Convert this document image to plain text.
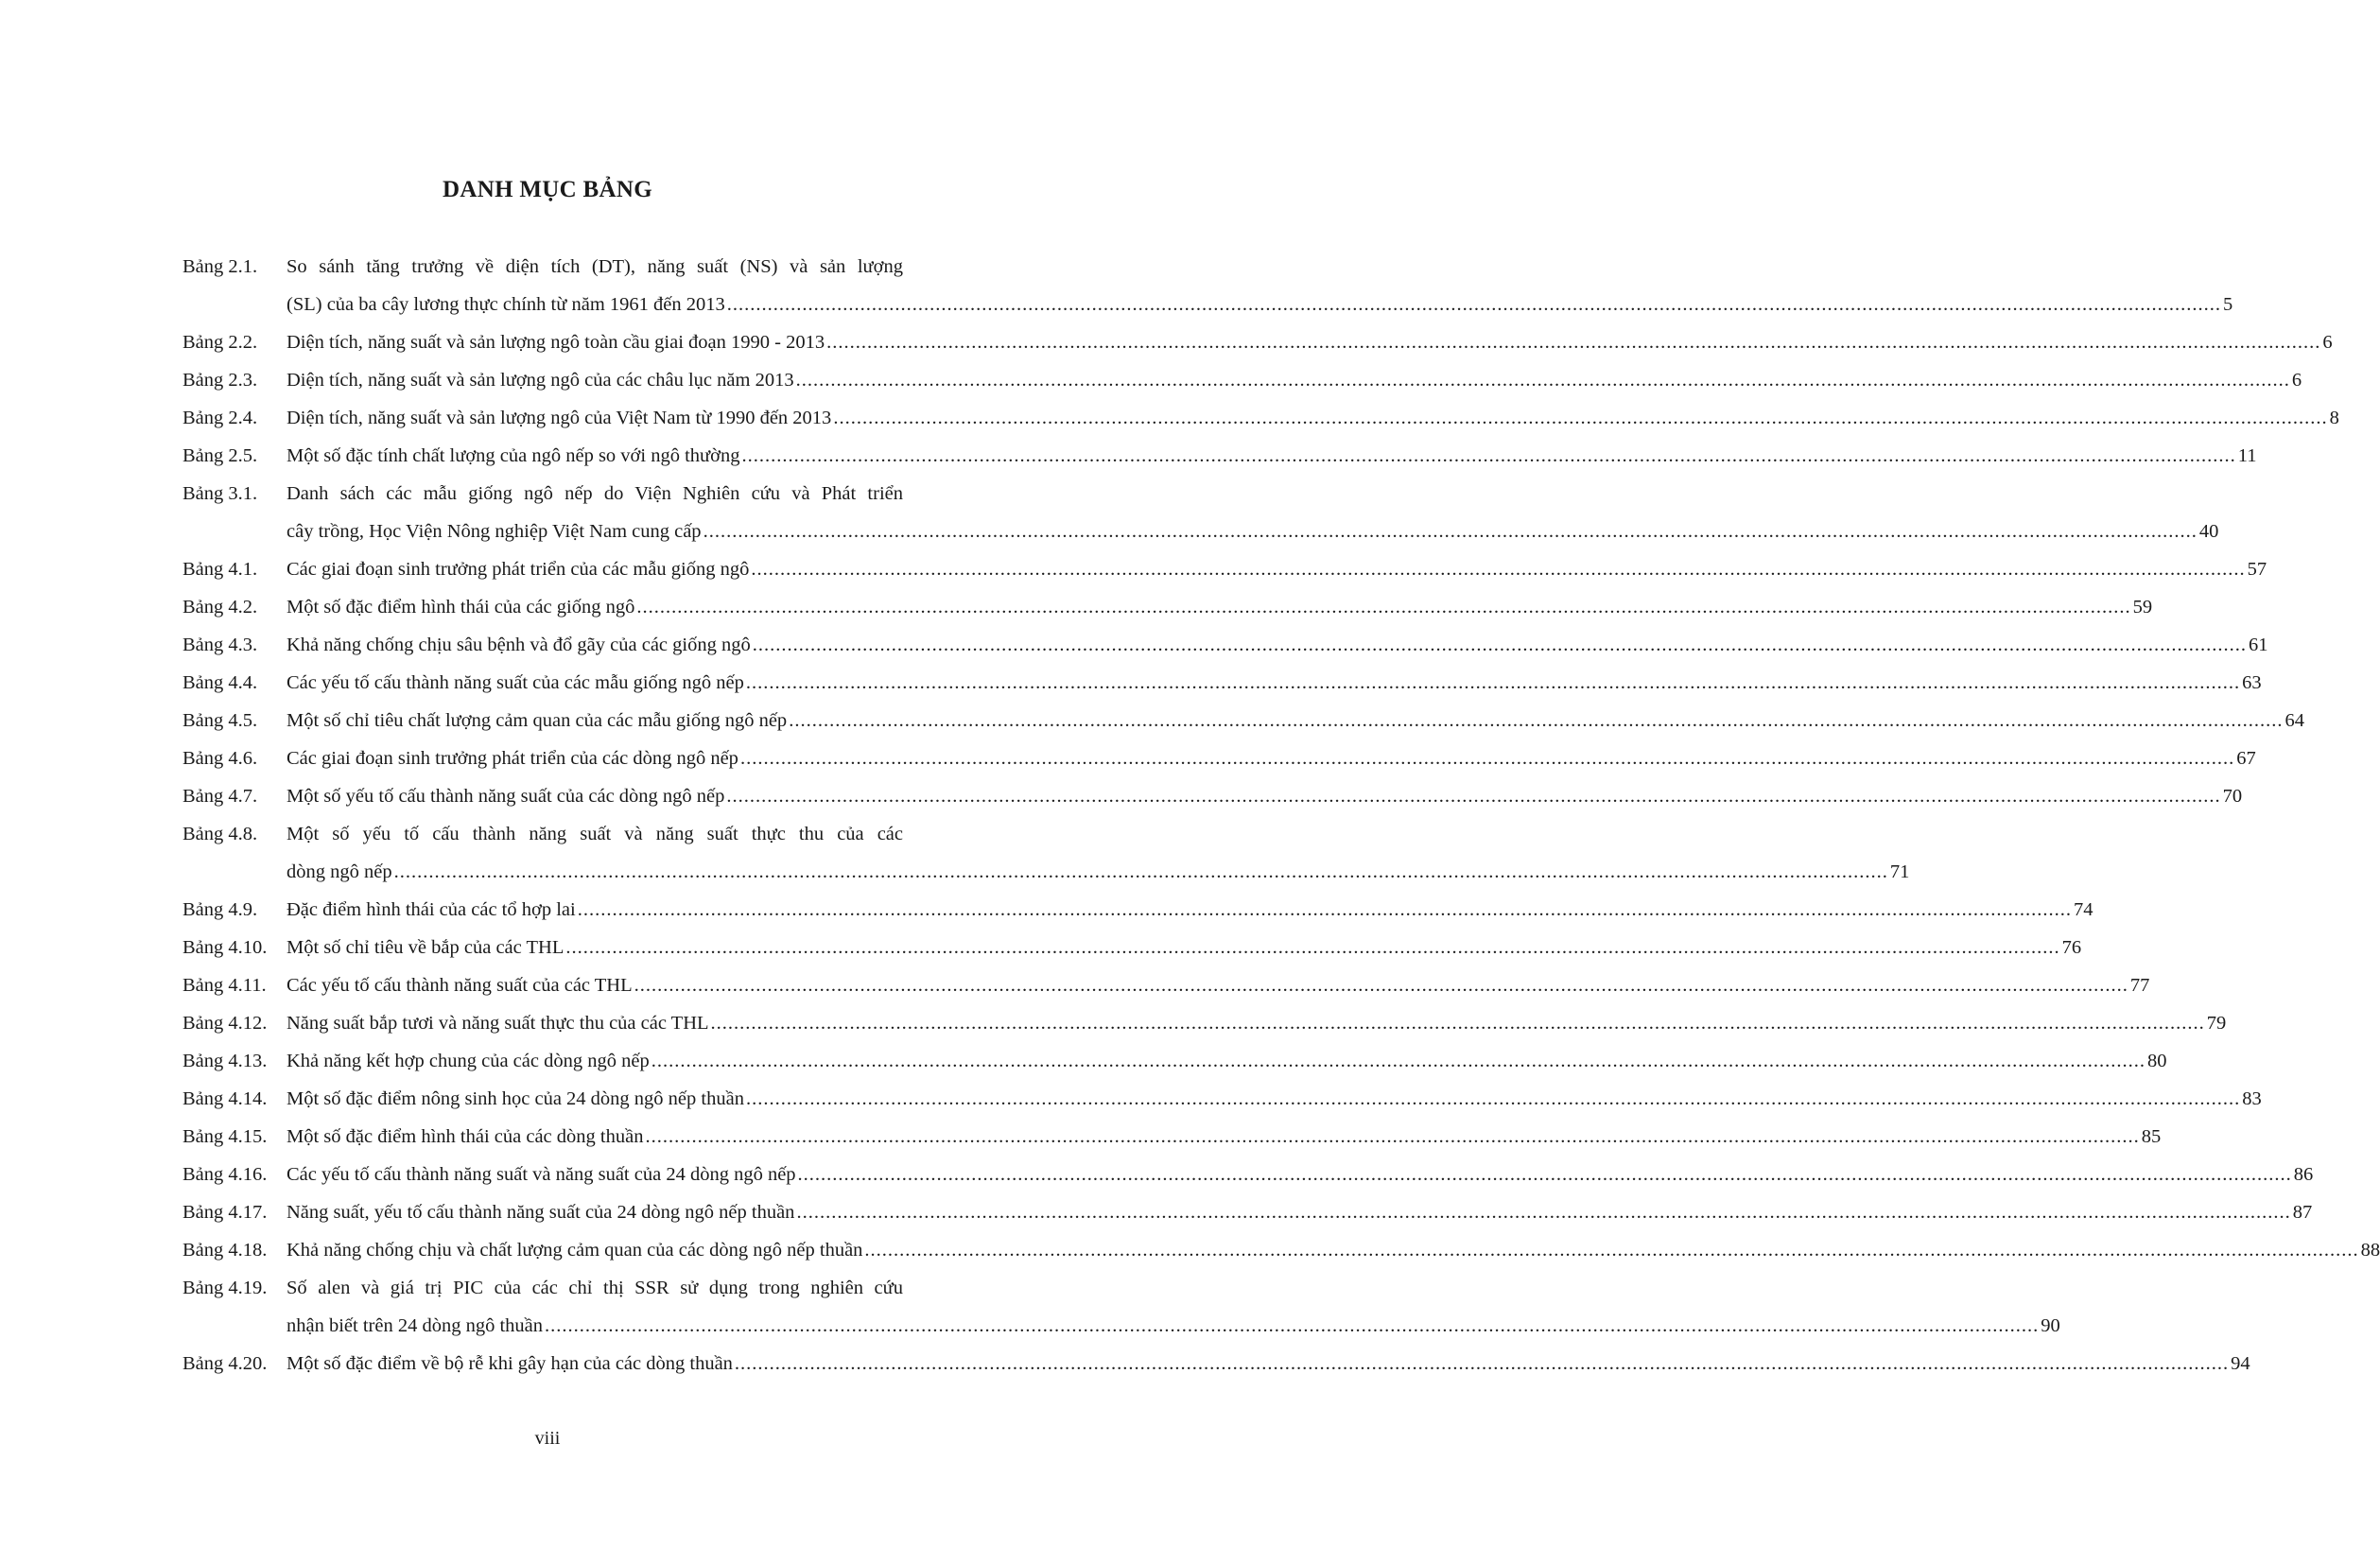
DANH MỤC BẢNG
Bảng 2.1.	So sánh tăng trưởng về diện tích (DT), năng suất (NS) và sản lượng
(SL) của ba cây lương thực chính từ năm 1961 đến 2013 .....	5
Bảng 2.2.	Diện tích, năng suất và sản lượng ngô toàn cầu giai đoạn 1990 - 2013 .....	6
Bảng 2.3.	Diện tích, năng suất và sản lượng ngô của các châu lục năm 2013 .....	6
Bảng 2.4.	Diện tích, năng suất và sản lượng ngô của Việt Nam từ 1990 đến 2013 .....	8
Bảng 2.5.	Một số đặc tính chất lượng của ngô nếp so với ngô thường .....	11
Bảng 3.1.	Danh sách các mẫu giống ngô nếp do Viện Nghiên cứu và Phát triển
cây trồng, Học Viện Nông nghiệp Việt Nam cung cấp .....	40
Bảng 4.1.	Các giai đoạn sinh trưởng phát triển của các mẫu giống ngô .....	57
Bảng 4.2.	Một số đặc điểm hình thái của các giống ngô .....	59
Bảng 4.3.	Khả năng chống chịu sâu bệnh và đổ gãy của các giống ngô .....	61
Bảng 4.4.	Các yếu tố cấu thành năng suất của các mẫu giống ngô nếp .....	63
Bảng 4.5.	Một số chỉ tiêu chất lượng cảm quan của các mẫu giống ngô nếp .....	64
Bảng 4.6.	Các giai đoạn sinh trưởng phát triển của các dòng ngô nếp .....	67
Bảng 4.7.	Một số yếu tố cấu thành năng suất của các dòng ngô nếp .....	70
Bảng 4.8.	Một số yếu tố cấu thành năng suất và năng suất thực thu của các
dòng ngô nếp .....	71
Bảng 4.9.	Đặc điểm hình thái của các tổ hợp lai .....	74
Bảng 4.10.	Một số chỉ tiêu về bắp của các THL .....	76
Bảng 4.11.	Các yếu tố cấu thành năng suất của các THL .....	77
Bảng 4.12.	Năng suất bắp tươi và năng suất thực thu của các THL .....	79
Bảng 4.13.	Khả năng kết hợp chung của các dòng ngô nếp .....	80
Bảng 4.14.	Một số đặc điểm nông sinh học của 24 dòng ngô nếp thuần .....	83
Bảng 4.15.	Một số đặc điểm hình thái của các dòng thuần .....	85
Bảng 4.16.	Các yếu tố cấu thành năng suất và năng suất của 24 dòng ngô nếp .....	86
Bảng 4.17.	Năng suất, yếu tố cấu thành năng suất của 24 dòng ngô nếp thuần .....	87
Bảng 4.18.	Khả năng chống chịu và chất lượng cảm quan của các dòng ngô nếp thuần .....	88
Bảng 4.19.	Số alen và giá trị PIC của các chỉ thị SSR sử dụng trong nghiên cứu
nhận biết trên 24 dòng ngô thuần .....	90
Bảng 4.20.	Một số đặc điểm về bộ rễ khi gây hạn của các dòng thuần .....	94
viii
